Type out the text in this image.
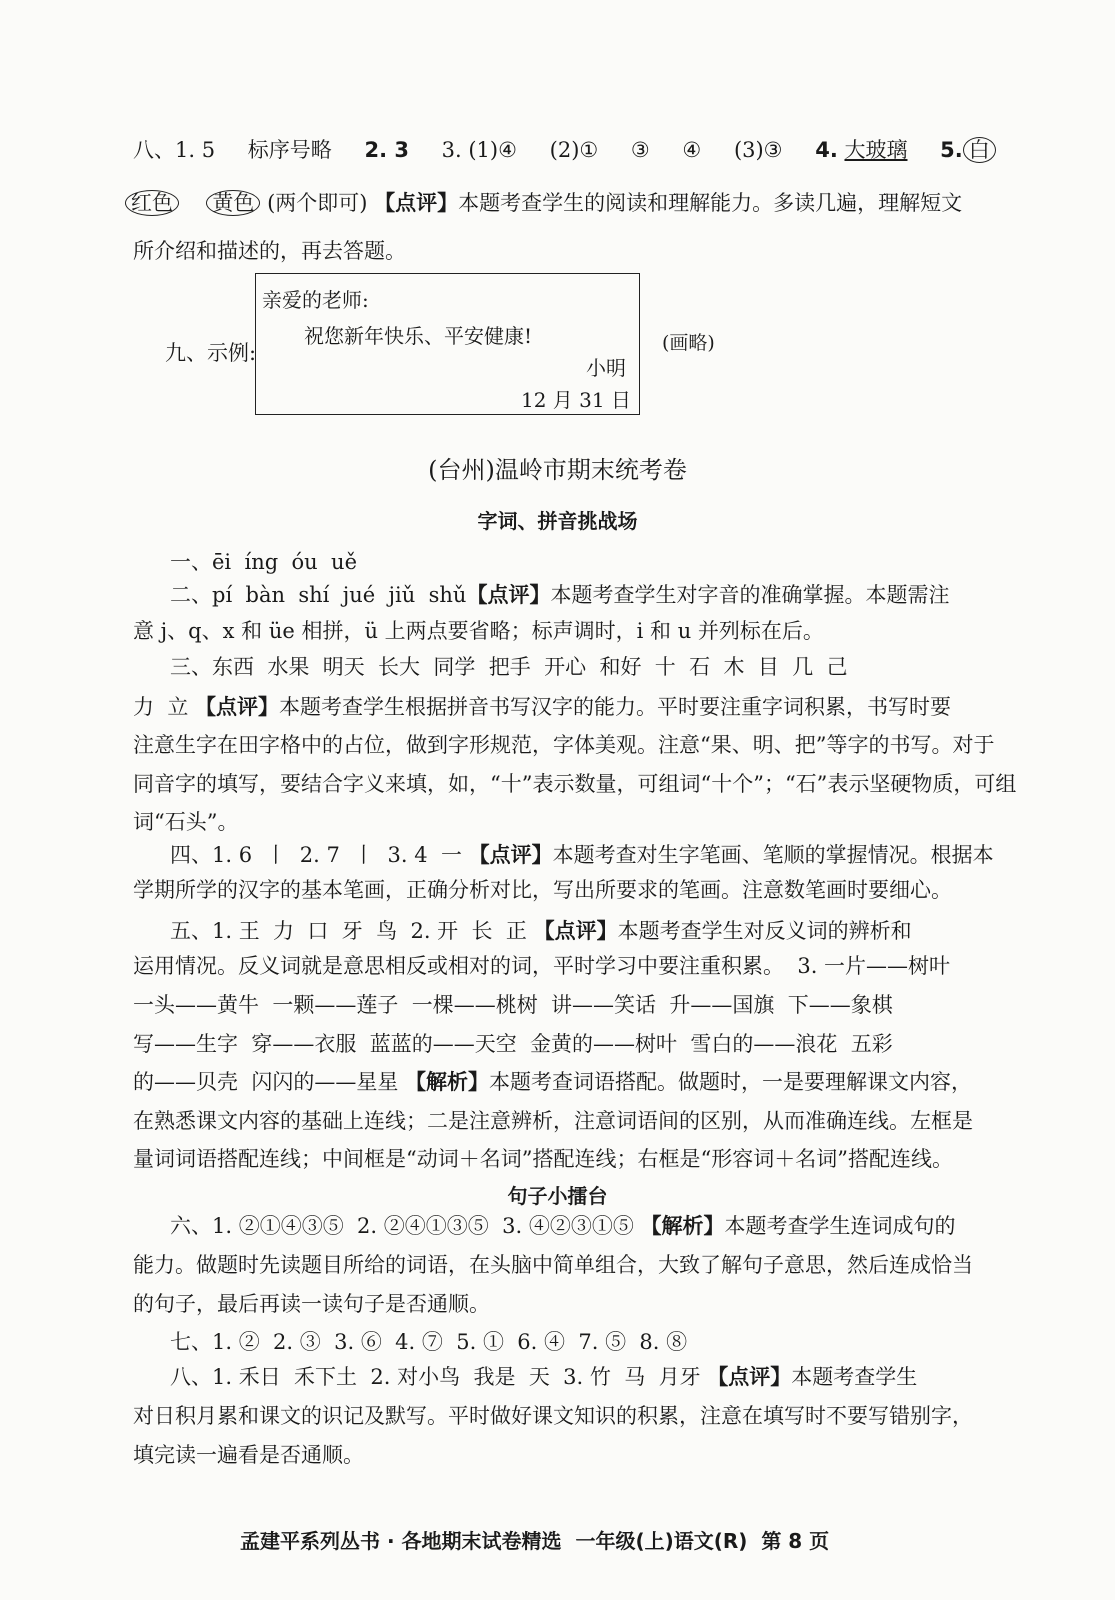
八、1. 5 标序号略 2. 3 3. (1)④ (2)① ③ ④ (3)③ 4. 大玻璃 5. 白
红色 黄色 (两个即可) 【点评】本题考查学生的阅读和理解能力。多读几遍，理解短文
所介绍和描述的，再去答题。
九、示例:
亲爱的老师:
祝您新年快乐、平安健康!
小明
12 月 31 日
(画略)
(台州)温岭市期末统考卷
字词、拼音挑战场
一、ēi  íng  óu  uě
二、pí  bàn  shí  jué  jiǔ  shǔ【点评】本题考查学生对字音的准确掌握。本题需注
意 j、q、x 和 üe 相拼，ü 上两点要省略；标声调时，i 和 u 并列标在后。
三、东西  水果  明天  长大  同学  把手  开心  和好  十  石  木  目  几  己
力  立 【点评】本题考查学生根据拼音书写汉字的能力。平时要注重字词积累，书写时要
注意生字在田字格中的占位，做到字形规范，字体美观。注意“果、明、把”等字的书写。对于
同音字的填写，要结合字义来填，如，“十”表示数量，可组词“十个”；“石”表示坚硬物质，可组
词“石头”。
四、1. 6  丨  2. 7  丨  3. 4  一 【点评】本题考查对生字笔画、笔顺的掌握情况。根据本
学期所学的汉字的基本笔画，正确分析对比，写出所要求的笔画。注意数笔画时要细心。
五、1. 王  力  口  牙  鸟  2. 开  长  正 【点评】本题考查学生对反义词的辨析和
运用情况。反义词就是意思相反或相对的词，平时学习中要注重积累。  3. 一片——树叶
一头——黄牛  一颗——莲子  一棵——桃树  讲——笑话  升——国旗  下——象棋
写——生字  穿——衣服  蓝蓝的——天空  金黄的——树叶  雪白的——浪花  五彩
的——贝壳  闪闪的——星星 【解析】本题考查词语搭配。做题时，一是要理解课文内容，
在熟悉课文内容的基础上连线；二是注意辨析，注意词语间的区别，从而准确连线。左框是
量词词语搭配连线；中间框是“动词＋名词”搭配连线；右框是“形容词＋名词”搭配连线。
句子小擂台
六、1. ②①④③⑤  2. ②④①③⑤  3. ④②③①⑤ 【解析】本题考查学生连词成句的
能力。做题时先读题目所给的词语，在头脑中简单组合，大致了解句子意思，然后连成恰当
的句子，最后再读一读句子是否通顺。
七、1. ②  2. ③  3. ⑥  4. ⑦  5. ①  6. ④  7. ⑤  8. ⑧
八、1. 禾日  禾下土  2. 对小鸟  我是  天  3. 竹  马  月牙 【点评】本题考查学生
对日积月累和课文的识记及默写。平时做好课文知识的积累，注意在填写时不要写错别字，
填完读一遍看是否通顺。
孟建平系列丛书 · 各地期末试卷精选  一年级(上)语文(R)  第 8 页
